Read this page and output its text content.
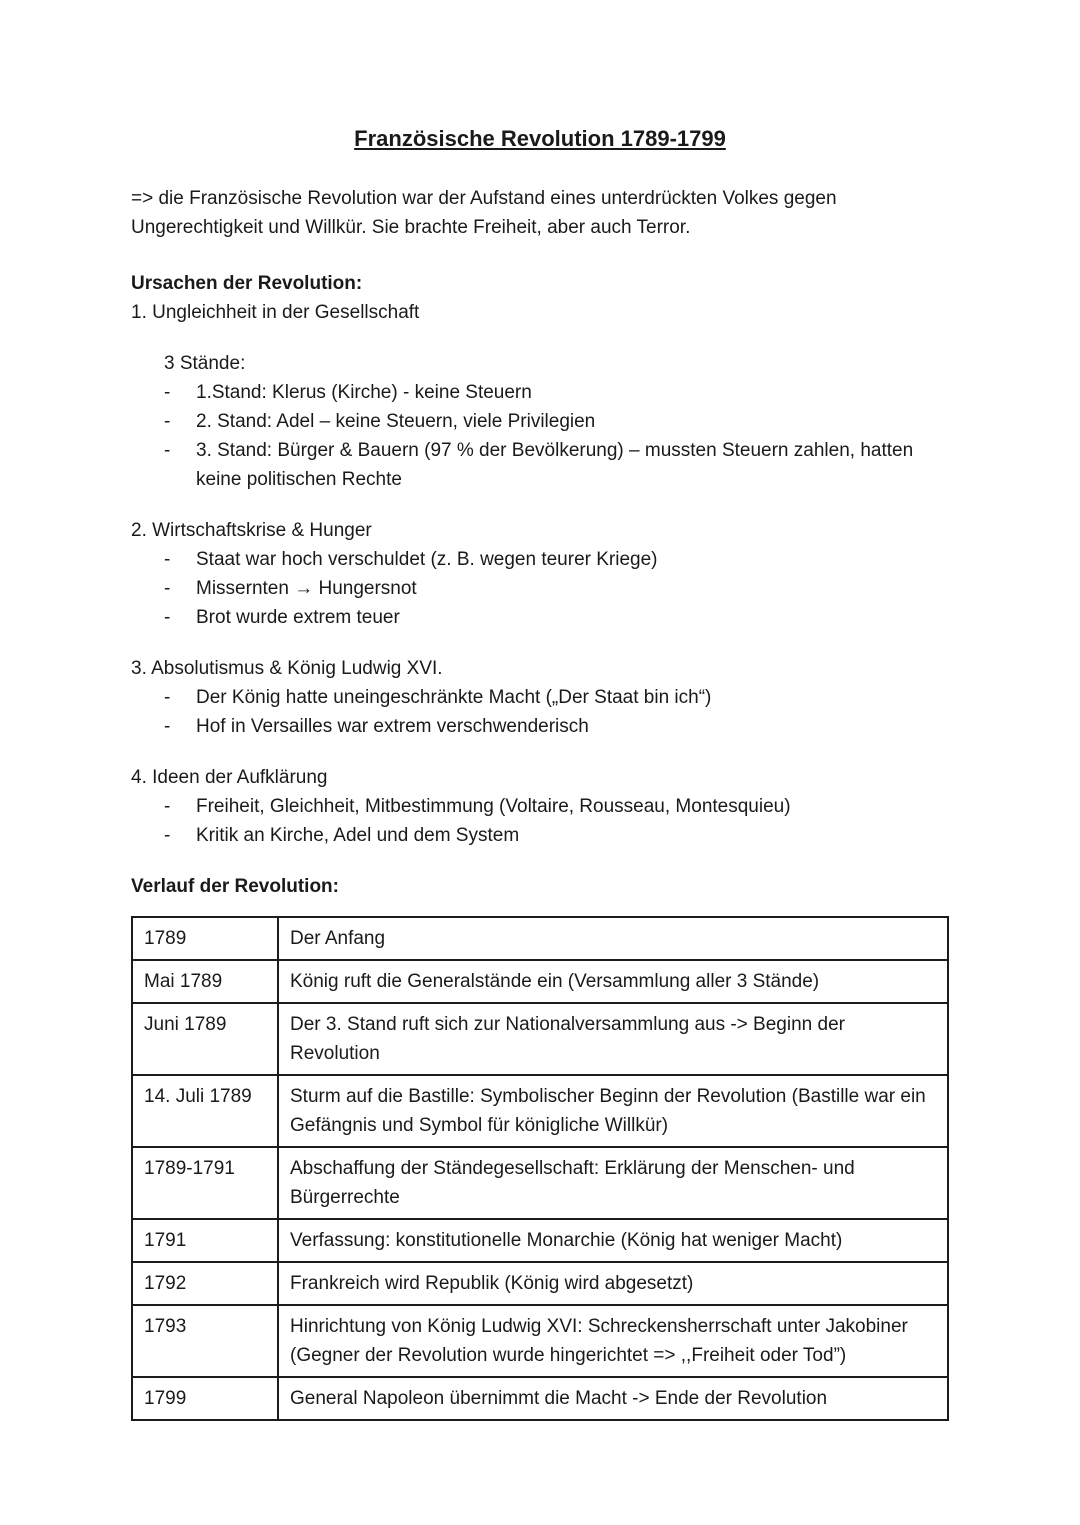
Französische Revolution 1789-1799

=> die Französische Revolution war der Aufstand eines unterdrückten Volkes gegen Ungerechtigkeit und Willkür. Sie brachte Freiheit, aber auch Terror.

Ursachen der Revolution:
1. Ungleichheit in der Gesellschaft
3 Stände:
- 1.Stand: Klerus (Kirche) - keine Steuern
- 2. Stand: Adel – keine Steuern, viele Privilegien
- 3. Stand: Bürger & Bauern (97 % der Bevölkerung) – mussten Steuern zahlen, hatten keine politischen Rechte
2. Wirtschaftskrise & Hunger
- Staat war hoch verschuldet (z. B. wegen teurer Kriege)
- Missernten → Hungersnot
- Brot wurde extrem teuer
3. Absolutismus & König Ludwig XVI.
- Der König hatte uneingeschränkte Macht („Der Staat bin ich“)
- Hof in Versailles war extrem verschwenderisch
4. Ideen der Aufklärung
- Freiheit, Gleichheit, Mitbestimmung (Voltaire, Rousseau, Montesquieu)
- Kritik an Kirche, Adel und dem System
Verlauf der Revolution:
1789	Der Anfang
Mai 1789	König ruft die Generalstände ein (Versammlung aller 3 Stände)
Juni 1789	Der 3. Stand ruft sich zur Nationalversammlung aus -> Beginn der Revolution
14. Juli 1789	Sturm auf die Bastille: Symbolischer Beginn der Revolution (Bastille war ein Gefängnis und Symbol für königliche Willkür)
1789-1791	Abschaffung der Ständegesellschaft: Erklärung der Menschen- und Bürgerrechte
1791	Verfassung: konstitutionelle Monarchie (König hat weniger Macht)
1792	Frankreich wird Republik (König wird abgesetzt)
1793	Hinrichtung von König Ludwig XVI: Schreckensherrschaft unter Jakobiner (Gegner der Revolution wurde hingerichtet => ,,Freiheit oder Tod”)
1799	General Napoleon übernimmt die Macht -> Ende der Revolution
